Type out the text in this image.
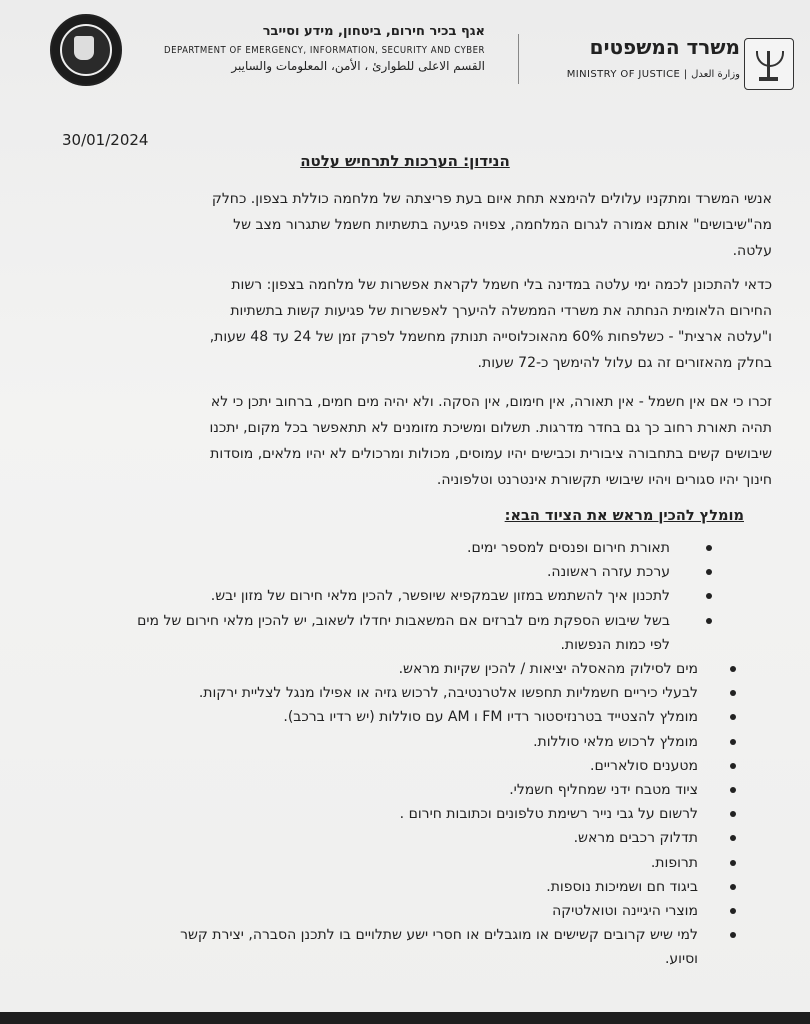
אגף בכיר חירום, ביטחון, מידע וסייבר
DEPARTMENT OF EMERGENCY, INFORMATION, SECURITY AND CYBER
القسم الاعلى للطوارئ ، الأمن، المعلومات والسايبر
משרד המשפטים
MINISTRY OF JUSTICE | وزارة العدل
30/01/2024
הנידון: הערכות לתרחיש עלטה
אנשי המשרד ומתקניו עלולים להימצא תחת איום בעת פריצתה של מלחמה כוללת בצפון. כחלק
מה"שיבושים" אותם אמורה לגרום המלחמה, צפויה פגיעה בתשתיות חשמל שתגרור מצב של
עלטה.
כדאי להתכונן לכמה ימי עלטה במדינה בלי חשמל לקראת אפשרות של מלחמה בצפון: רשות
החירום הלאומית הנחתה את משרדי הממשלה להיערך לאפשרות של פגיעות קשות בתשתיות
ו"עלטה ארצית" - כשלפחות 60% מהאוכלוסייה תנותק מחשמל לפרק זמן של 24 עד 48 שעות,
בחלק מהאזורים זה גם עלול להימשך כ-72 שעות.
זכרו כי אם אין חשמל - אין תאורה, אין חימום, אין הסקה. ולא יהיה מים חמים, ברחוב יתכן כי לא
תהיה תאורת רחוב כך גם בחדר מדרגות. תשלום ומשיכת מזומנים לא תתאפשר בכל מקום, יתכנו
שיבושים קשים בתחבורה ציבורית וכבישים יהיו עמוסים, מכולות ומרכולים לא יהיו מלאים, מוסדות
חינוך יהיו סגורים ויהיו שיבושי תקשורת אינטרנט וטלפוניה.
מומלץ להכין מראש את הציוד הבא:
תאורת חירום ופנסים למספר ימים.
ערכת עזרה ראשונה.
לתכנון איך להשתמש במזון שבמקפיא שיופשר, להכין מלאי חירום של מזון יבש.
בשל שיבוש הספקת מים לברזים אם המשאבות יחדלו לשאוב, יש להכין מלאי חירום של מים
לפי כמות הנפשות.
מים לסילוק מהאסלה יציאות / להכין שקיות מראש.
לבעלי כיריים חשמליות תחפשו אלטרנטיבה, לרכוש גזיה או אפילו מנגל לצליית ירקות.
מומלץ להצטייד בטרנזיסטור רדיו FM ו AM עם סוללות (יש רדיו ברכב).
מומלץ לרכוש מלאי סוללות.
מטענים סולאריים.
ציוד מטבח ידני שמחליף חשמלי.
לרשום על גבי נייר רשימת טלפונים וכתובות חירום .
תדלוק רכבים מראש.
תרופות.
ביגוד חם ושמיכות נוספות.
מוצרי היגיינה וטואלטיקה
למי שיש קרובים קשישים או מוגבלים או חסרי ישע שתלויים בו לתכנן הסברה, יצירת קשר
וסיוע.
